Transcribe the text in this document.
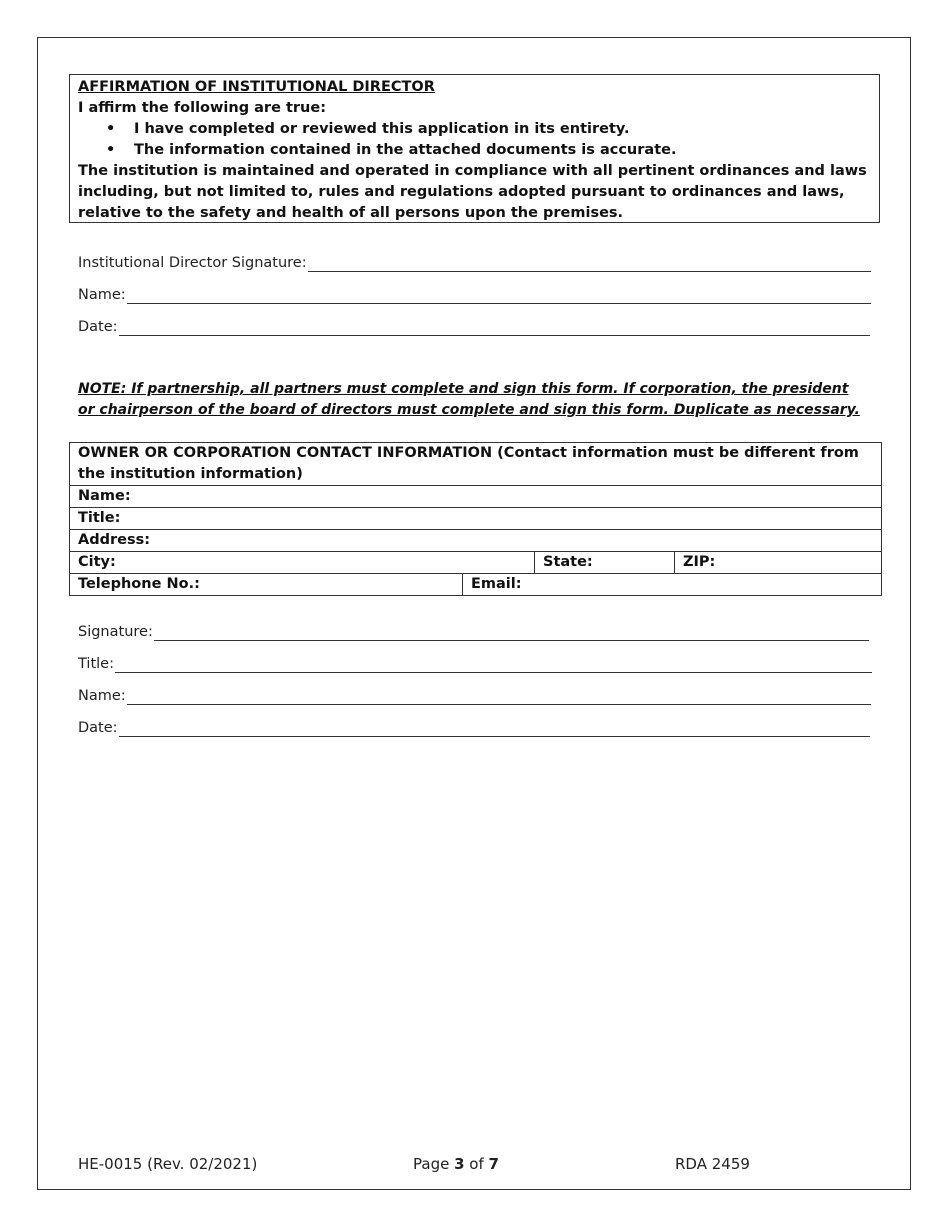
AFFIRMATION OF INSTITUTIONAL DIRECTOR
I affirm the following are true:
• I have completed or reviewed this application in its entirety.
• The information contained in the attached documents is accurate.
The institution is maintained and operated in compliance with all pertinent ordinances and laws including, but not limited to, rules and regulations adopted pursuant to ordinances and laws, relative to the safety and health of all persons upon the premises.
Institutional Director Signature:
Name:
Date:
NOTE: If partnership, all partners must complete and sign this form. If corporation, the president or chairperson of the board of directors must complete and sign this form. Duplicate as necessary.
OWNER OR CORPORATION CONTACT INFORMATION (Contact information must be different from the institution information)			
Name:			
Title:			
Address:			
City:		State:	ZIP:
Telephone No.:	Email:		
Signature:
Title:
Name:
Date:
HE-0015 (Rev. 02/2021)	Page 3 of 7	RDA 2459
